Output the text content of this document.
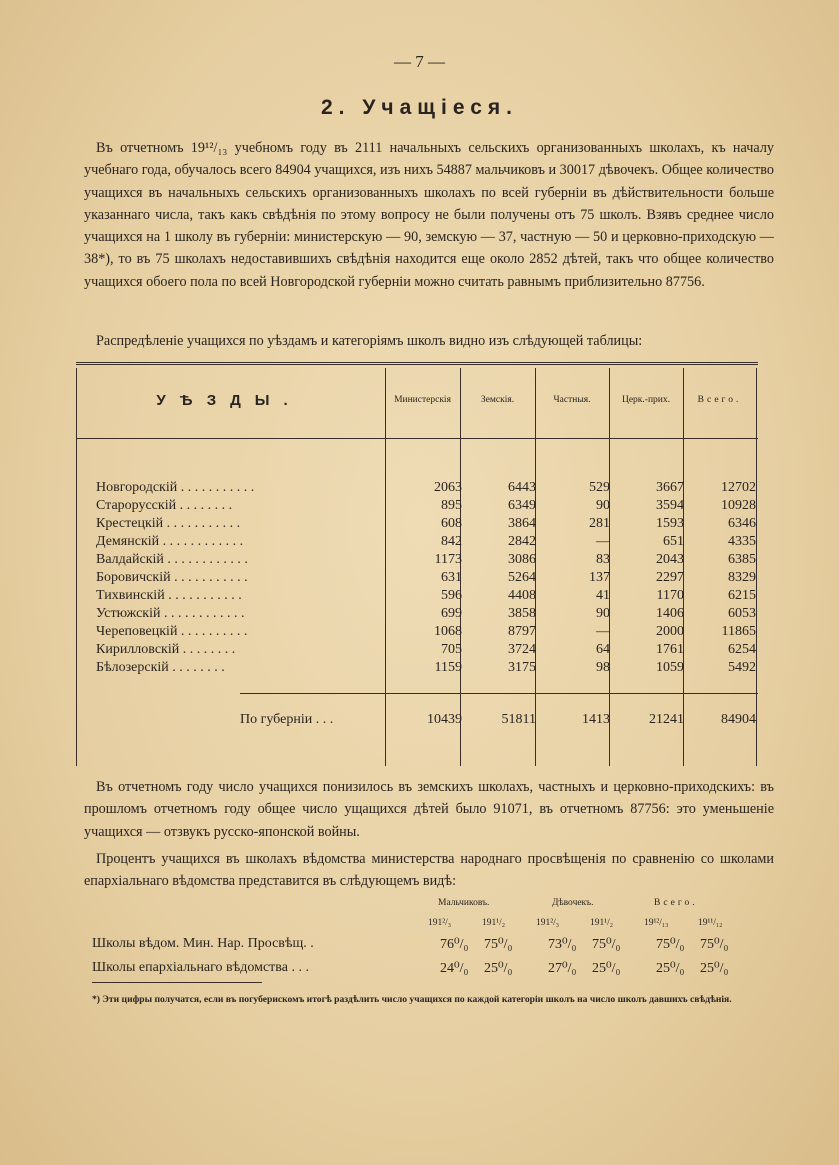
— 7 —
2. Учащіеся.
Въ отчетномъ 19¹²/₁₃ учебномъ году въ 2111 начальныхъ сельскихъ организованныхъ школахъ, къ началу учебнаго года, обучалось всего 84904 учащихся, изъ нихъ 54887 мальчиковъ и 30017 дѣвочекъ. Общее количество учащихся въ начальныхъ сельскихъ организованныхъ школахъ по всей губерніи въ дѣйствительности больше указаннаго числа, такъ какъ свѣдѣнія по этому вопросу не были получены отъ 75 школъ. Взявъ среднее число учащихся на 1 школу въ губерніи: министерскую — 90, земскую — 37, частную — 50 и церковно-приходскую — 38*), то въ 75 школахъ недоставившихъ свѣдѣнія находится еще около 2852 дѣтей, такъ что общее количество учащихся обоего пола по всей Новгородской губерніи можно считать равнымъ приблизительно 87756.
Распредѣленіе учащихся по уѣздамъ и категоріямъ школъ видно изъ слѣдующей таблицы:
УѢЗДЫ.	Министерскія	Земскія.	Частныя.	Церк.-прих.	Всего.
Новгородскій . . . . . . . . . . .	2063	6443	529	3667	12702
Старорусскій . . . . . . . .	895	6349	90	3594	10928
Крестецкій . . . . . . . . . . .	608	3864	281	1593	6346
Демянскій . . . . . . . . . . . .	842	2842	—	651	4335
Валдайскій . . . . . . . . . . . .	1173	3086	83	2043	6385
Боровичскій . . . . . . . . . . .	631	5264	137	2297	8329
Тихвинскій . . . . . . . . . . .	596	4408	41	1170	6215
Устюжскій . . . . . . . . . . . .	699	3858	90	1406	6053
Череповецкій . . . . . . . . . .	1068	8797	—	2000	11865
Кирилловскій . . . . . . . .	705	3724	64	1761	6254
Бѣлозерскій . . . . . . . .	1159	3175	98	1059	5492
По губерніи . . .	10439	51811	1413	21241	84904
Въ отчетномъ году число учащихся понизилось въ земскихъ школахъ, частныхъ и церковно-приходскихъ: въ прошломъ отчетномъ году общее число ущащихся дѣтей было 91071, въ отчетномъ 87756: это уменьшеніе учащихся — отзвукъ русско-японской войны.
Процентъ учащихся въ школахъ вѣдомства министерства народнаго просвѣщенія по сравненію со школами епархіальнаго вѣдомства представится въ слѣдующемъ видѣ:
Мальчиковъ.	Дѣвочекъ.	Всего.
191²/₃	191¹/₂	191²/₃	191¹/₂	19¹²/₁₃	19¹¹/₁₂
Школы вѣдом. Мин. Нар. Просвѣщ. .	76⁰/₀ 75⁰/₀	73⁰/₀ 75⁰/₀	75⁰/₀ 75⁰/₀
Школы епархіальнаго вѣдомства . . .	24⁰/₀ 25⁰/₀	27⁰/₀ 25⁰/₀	25⁰/₀ 25⁰/₀
*) Эти цифры получатся, если въ погуберискомъ итогѣ раздѣлить число учащихся по каждой категоріи школъ на число школъ давшихъ свѣдѣнія.
